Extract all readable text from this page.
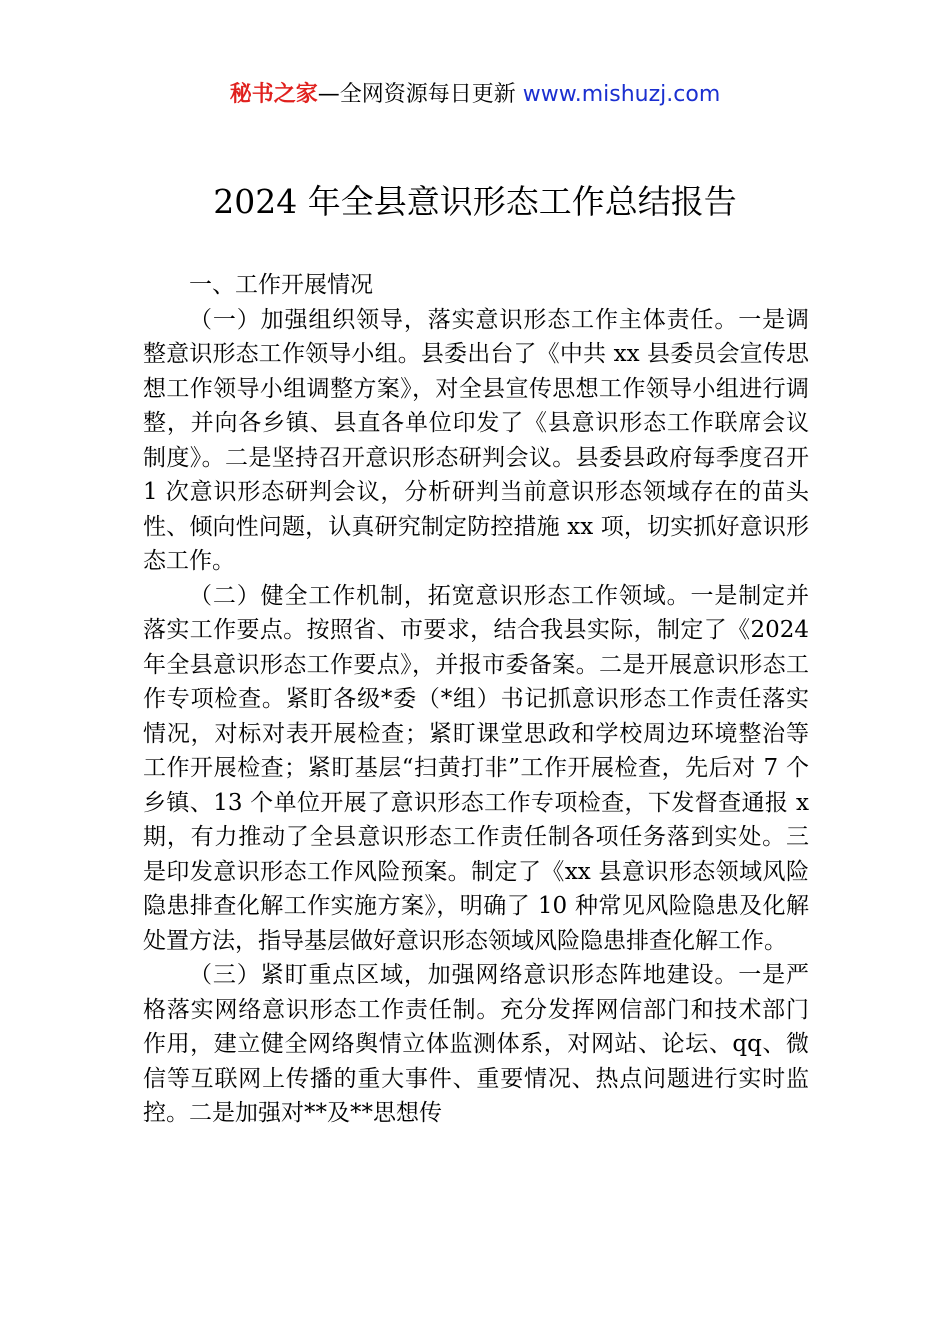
秘书之家—全网资源每日更新 www.mishuzj.com
2024 年全县意识形态工作总结报告

一、工作开展情况

（一）加强组织领导，落实意识形态工作主体责任。一是调整意识形态工作领导小组。县委出台了《中共 xx 县委员会宣传思想工作领导小组调整方案》，对全县宣传思想工作领导小组进行调整，并向各乡镇、县直各单位印发了《县意识形态工作联席会议制度》。二是坚持召开意识形态研判会议。县委县政府每季度召开 1 次意识形态研判会议，分析研判当前意识形态领域存在的苗头性、倾向性问题，认真研究制定防控措施 xx 项，切实抓好意识形态工作。

（二）健全工作机制，拓宽意识形态工作领域。一是制定并落实工作要点。按照省、市要求，结合我县实际，制定了《2024 年全县意识形态工作要点》，并报市委备案。二是开展意识形态工作专项检查。紧盯各级*委（*组）书记抓意识形态工作责任落实情况，对标对表开展检查；紧盯课堂思政和学校周边环境整治等工作开展检查；紧盯基层“扫黄打非”工作开展检查，先后对 7 个乡镇、13 个单位开展了意识形态工作专项检查，下发督查通报 x 期，有力推动了全县意识形态工作责任制各项任务落到实处。三是印发意识形态工作风险预案。制定了《xx 县意识形态领域风险隐患排查化解工作实施方案》，明确了 10 种常见风险隐患及化解处置方法，指导基层做好意识形态领域风险隐患排查化解工作。

（三）紧盯重点区域，加强网络意识形态阵地建设。一是严格落实网络意识形态工作责任制。充分发挥网信部门和技术部门作用，建立健全网络舆情立体监测体系，对网站、论坛、qq、微信等互联网上传播的重大事件、重要情况、热点问题进行实时监控。二是加强对**及**思想传
